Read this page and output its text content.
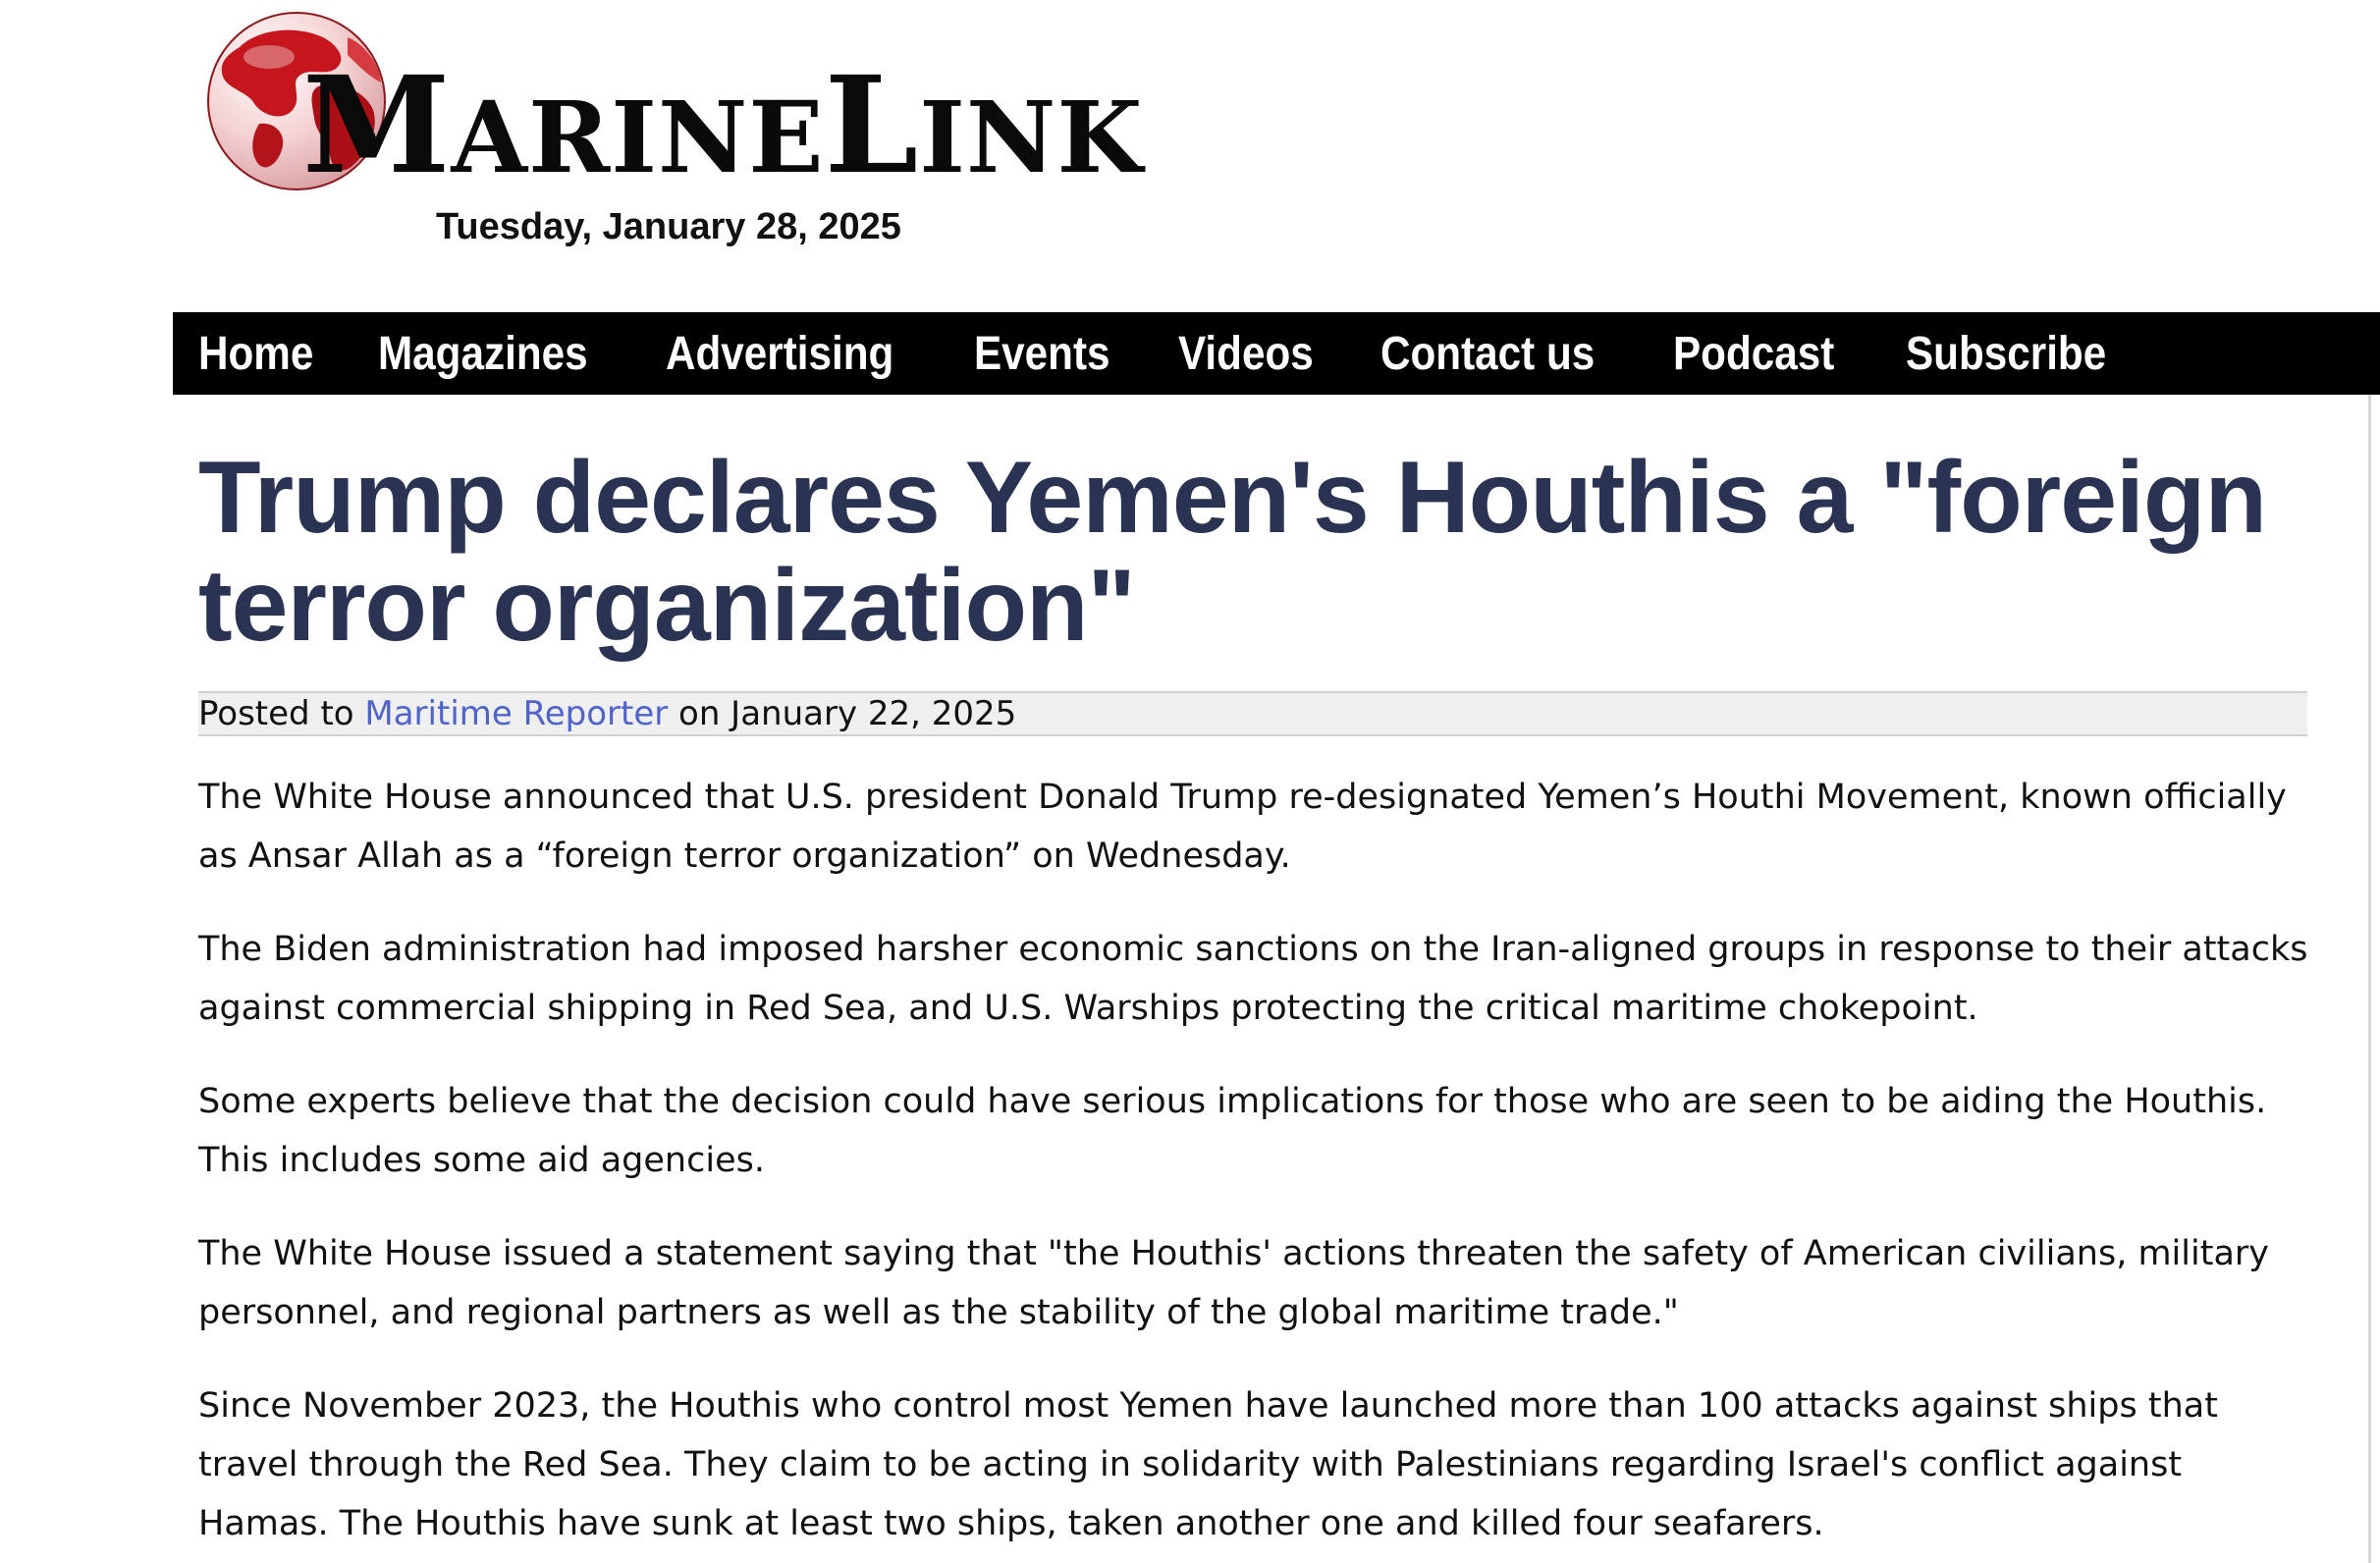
MARINELINK
Tuesday, January 28, 2025
Home Magazines Advertising Events Videos Contact us Podcast Subscribe
Trump declares Yemen's Houthis a "foreign terror organization"
Posted to Maritime Reporter on January 22, 2025

The White House announced that U.S. president Donald Trump re-designated Yemen’s Houthi Movement, known officially as Ansar Allah as a “foreign terror organization” on Wednesday.

The Biden administration had imposed harsher economic sanctions on the Iran-aligned groups in response to their attacks against commercial shipping in Red Sea, and U.S. Warships protecting the critical maritime chokepoint.

Some experts believe that the decision could have serious implications for those who are seen to be aiding the Houthis. This includes some aid agencies.

The White House issued a statement saying that "the Houthis' actions threaten the safety of American civilians, military personnel, and regional partners as well as the stability of the global maritime trade."

Since November 2023, the Houthis who control most Yemen have launched more than 100 attacks against ships that travel through the Red Sea. They claim to be acting in solidarity with Palestinians regarding Israel's conflict against Hamas. The Houthis have sunk at least two ships, taken another one and killed four seafarers.
